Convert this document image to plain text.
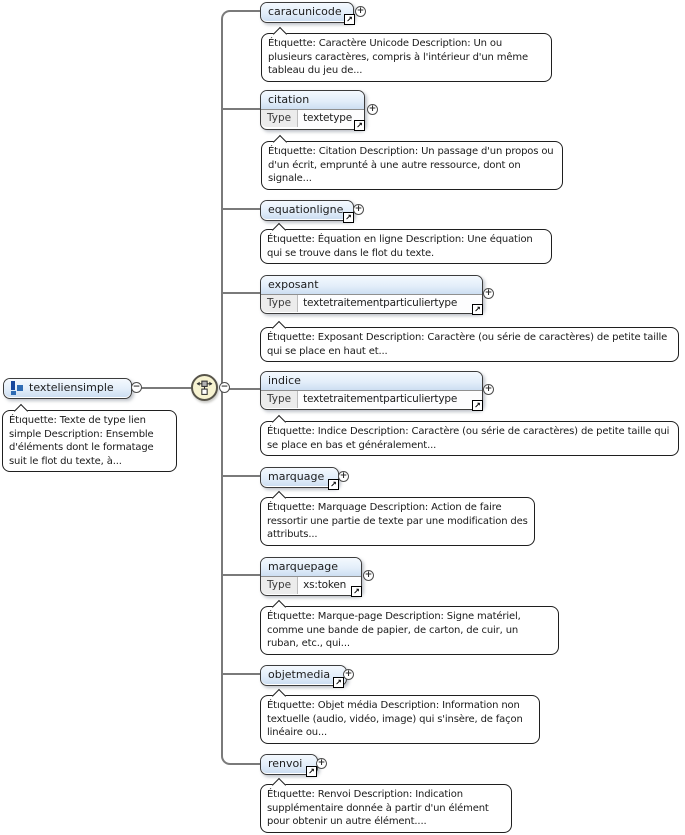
texteliensimple
Étiquette: Texte de type lien simple Description: Ensemble d'éléments dont le formatage suit le flot du texte, à...
−	−
caracunicode	+
↗
Étiquette: Caractère Unicode Description: Un ou plusieurs caractères, compris à l'intérieur d'un même tableau du jeu de...
citation
Type	textetype
+
↗
Étiquette: Citation Description: Un passage d'un propos ou d'un écrit, emprunté à une autre ressource, dont on signale...
equationligne	+
↗
Étiquette: Équation en ligne Description: Une équation qui se trouve dans le flot du texte.
exposant
Type	textetraitementparticuliertype
+
↗
Étiquette: Exposant Description: Caractère (ou série de caractères) de petite taille qui se place en haut et...
indice
Type	textetraitementparticuliertype
+
↗
Étiquette: Indice Description: Caractère (ou série de caractères) de petite taille qui se place en bas et généralement...
marquage	+
↗
Étiquette: Marquage Description: Action de faire ressortir une partie de texte par une modification des attributs...
marquepage
Type	xs:token
+
↗
Étiquette: Marque-page Description: Signe matériel, comme une bande de papier, de carton, de cuir, un ruban, etc., qui...
objetmedia	+
↗
Étiquette: Objet média Description: Information non textuelle (audio, vidéo, image) qui s'insère, de façon linéaire ou...
renvoi	+
↗
Étiquette: Renvoi Description: Indication supplémentaire donnée à partir d'un élément pour obtenir un autre élément....
